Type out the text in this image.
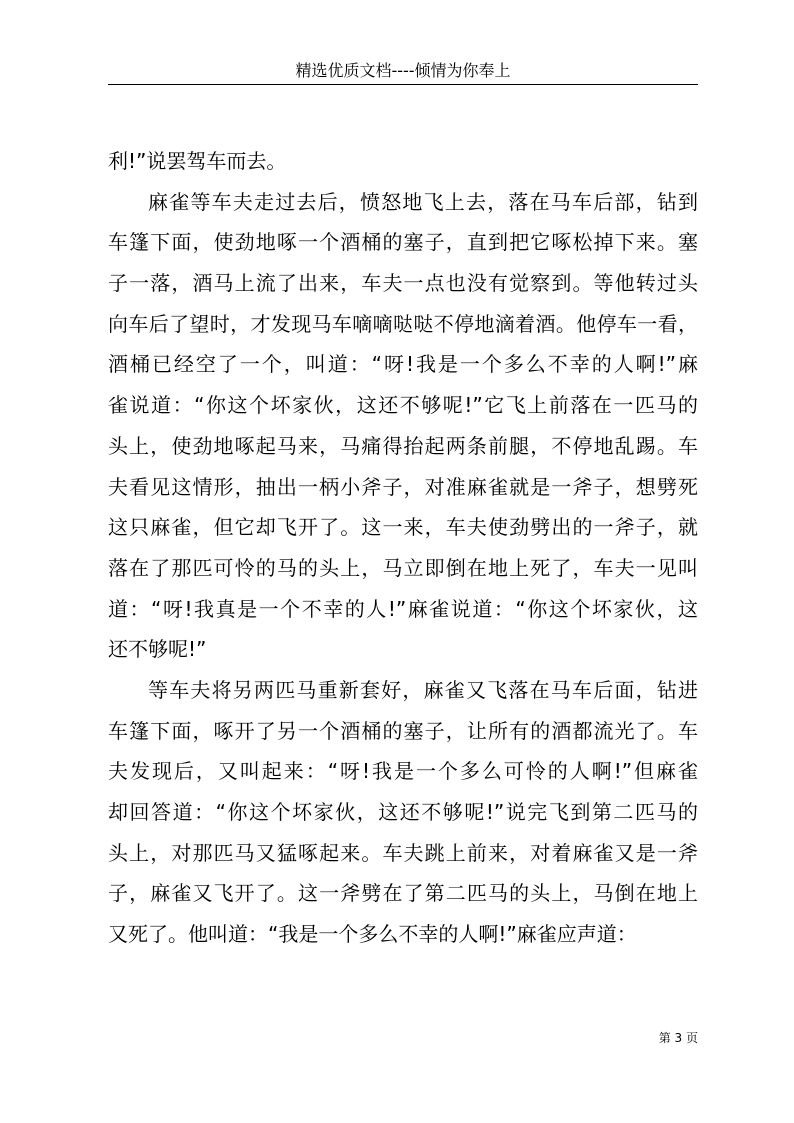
精选优质文档----倾情为你奉上
利!”说罢驾车而去。
麻雀等车夫走过去后，愤怒地飞上去，落在马车后部，钻到
车篷下面，使劲地啄一个酒桶的塞子，直到把它啄松掉下来。塞
子一落，酒马上流了出来，车夫一点也没有觉察到。等他转过头
向车后了望时，才发现马车嘀嘀哒哒不停地滴着酒。他停车一看，
酒桶已经空了一个，叫道：“呀!我是一个多么不幸的人啊!”麻
雀说道：“你这个坏家伙，这还不够呢!”它飞上前落在一匹马的
头上，使劲地啄起马来，马痛得抬起两条前腿，不停地乱踢。车
夫看见这情形，抽出一柄小斧子，对准麻雀就是一斧子，想劈死
这只麻雀，但它却飞开了。这一来，车夫使劲劈出的一斧子，就
落在了那匹可怜的马的头上，马立即倒在地上死了，车夫一见叫
道：“呀!我真是一个不幸的人!”麻雀说道：“你这个坏家伙，这
还不够呢!”
等车夫将另两匹马重新套好，麻雀又飞落在马车后面，钻进
车篷下面，啄开了另一个酒桶的塞子，让所有的酒都流光了。车
夫发现后，又叫起来：“呀!我是一个多么可怜的人啊!”但麻雀
却回答道：“你这个坏家伙，这还不够呢!”说完飞到第二匹马的
头上，对那匹马又猛啄起来。车夫跳上前来，对着麻雀又是一斧
子，麻雀又飞开了。这一斧劈在了第二匹马的头上，马倒在地上
又死了。他叫道：“我是一个多么不幸的人啊!”麻雀应声道：
第 3 页
